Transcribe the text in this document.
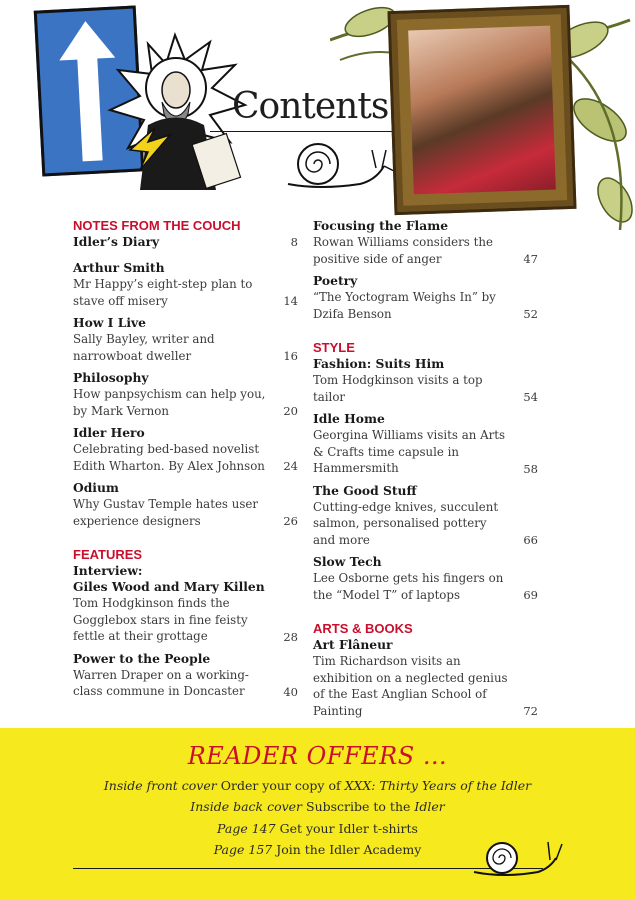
Contents
NOTES FROM THE COUCH
Idler’s Diary	8
Arthur Smith
Mr Happy’s eight-step plan to stave off misery	14
How I Live
Sally Bayley, writer and narrowboat dweller	16
Philosophy
How panpsychism can help you, by Mark Vernon	20
Idler Hero
Celebrating bed-based novelist Edith Wharton. By Alex Johnson	24
Odium
Why Gustav Temple hates user experience designers	26
FEATURES
Interview:
Giles Wood and Mary Killen
Tom Hodgkinson finds the Gogglebox stars in fine feisty fettle at their grottage	28
Power to the People
Warren Draper on a working-class commune in Doncaster	40
Focusing the Flame
Rowan Williams considers the positive side of anger	47
Poetry
“The Yoctogram Weighs In” by Dzifa Benson	52
STYLE
Fashion: Suits Him
Tom Hodgkinson visits a top tailor	54
Idle Home
Georgina Williams visits an Arts & Crafts time capsule in Hammersmith	58
The Good Stuff
Cutting-edge knives, succulent salmon, personalised pottery and more	66
Slow Tech
Lee Osborne gets his fingers on the “Model T” of laptops	69
ARTS & BOOKS
Art Flâneur
Tim Richardson visits an exhibition on a neglected genius of the East Anglian School of Painting	72
READER OFFERS …
Inside front cover Order your copy of XXX: Thirty Years of the Idler
Inside back cover Subscribe to the Idler
Page 147 Get your Idler t-shirts
Page 157 Join the Idler Academy
